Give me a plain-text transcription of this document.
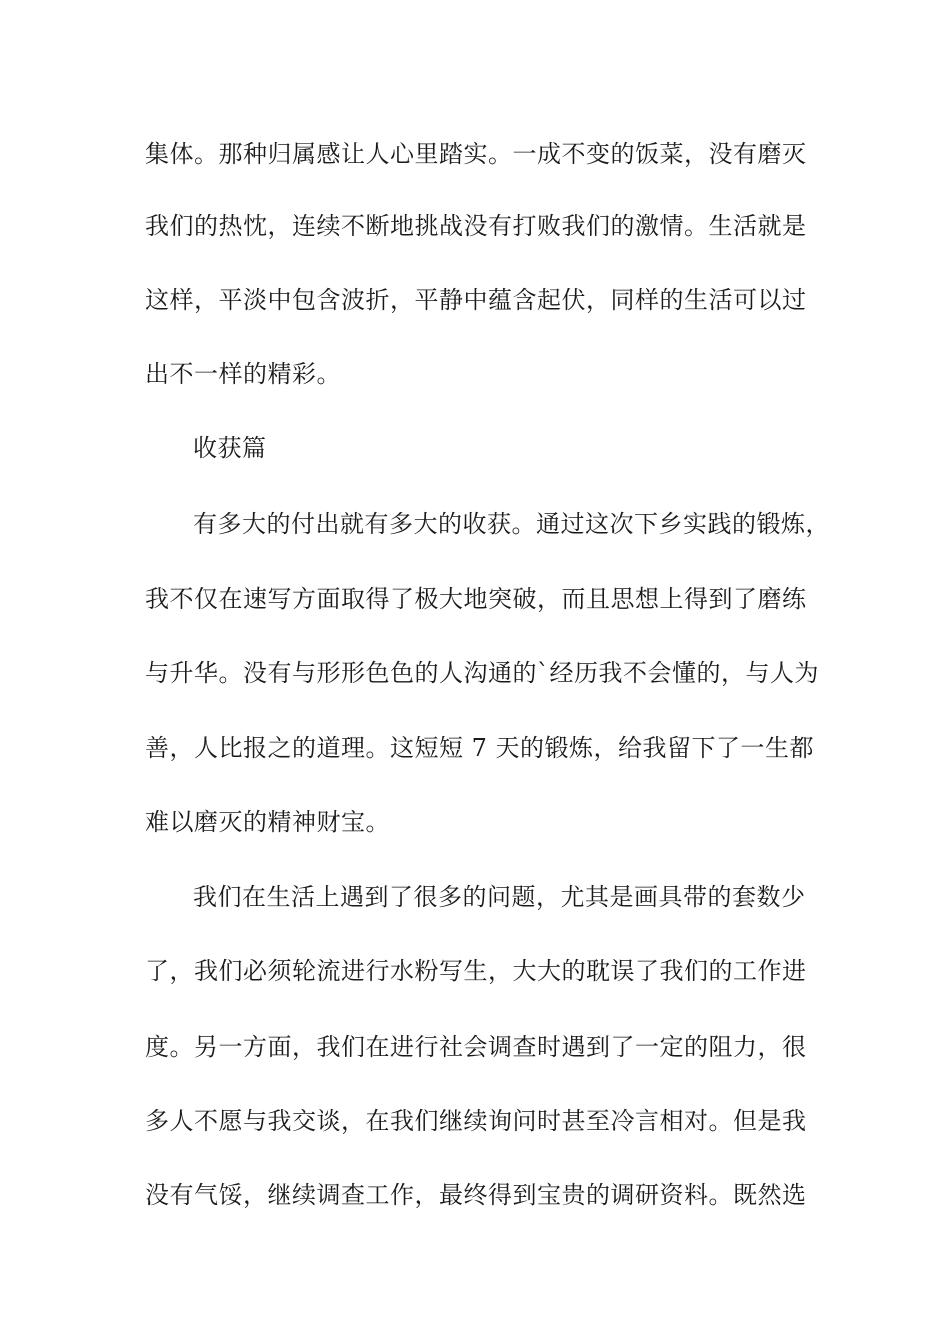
集体。那种归属感让人心里踏实。一成不变的饭菜，没有磨灭
我们的热忱，连续不断地挑战没有打败我们的激情。生活就是
这样，平淡中包含波折，平静中蕴含起伏，同样的生活可以过
出不一样的精彩。
收获篇
有多大的付出就有多大的收获。通过这次下乡实践的锻炼，
我不仅在速写方面取得了极大地突破，而且思想上得到了磨练
与升华。没有与形形色色的人沟通的`经历我不会懂的，与人为
善，人比报之的道理。这短短 7 天的锻炼，给我留下了一生都
难以磨灭的精神财宝。
我们在生活上遇到了很多的问题，尤其是画具带的套数少
了，我们必须轮流进行水粉写生，大大的耽误了我们的工作进
度。另一方面，我们在进行社会调查时遇到了一定的阻力，很
多人不愿与我交谈，在我们继续询问时甚至冷言相对。但是我
没有气馁，继续调查工作，最终得到宝贵的调研资料。既然选
